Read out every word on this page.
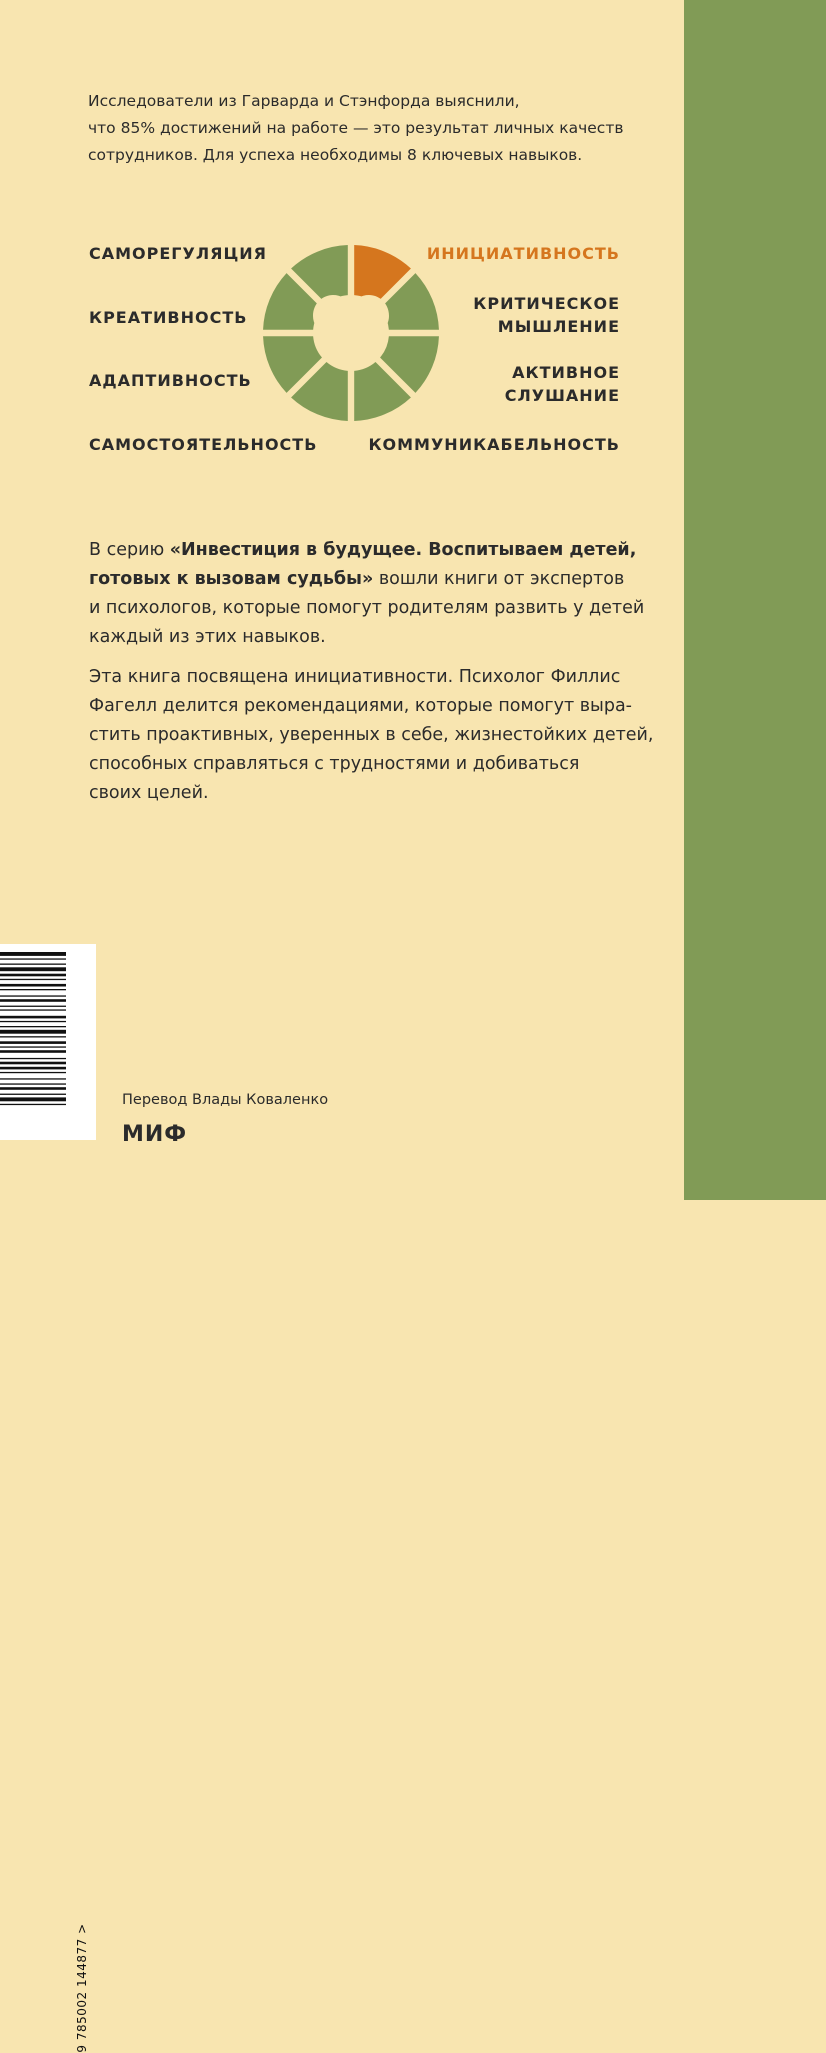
Исследователи из Гарварда и Стэнфорда выяснили,
что 85% достижений на работе — это результат личных качеств
сотрудников. Для успеха необходимы 8 ключевых навыков.

САМОРЕГУЛЯЦИЯ
КРЕАТИВНОСТЬ
АДАПТИВНОСТЬ
САМОСТОЯТЕЛЬНОСТЬ
ИНИЦИАТИВНОСТЬ
КРИТИЧЕСКОЕ
МЫШЛЕНИЕ
АКТИВНОЕ
СЛУШАНИЕ
КОММУНИКАБЕЛЬНОСТЬ

В серию «Инвестиция в будущее. Воспитываем детей,
готовых к вызовам судьбы» вошли книги от экспертов
и психологов, которые помогут родителям развить у детей
каждый из этих навыков.

Эта книга посвящена инициативности. Психолог Филлис
Фагелл делится рекомендациями, которые помогут выра-
стить проактивных, уверенных в себе, жизнестойких детей,
способных справляться с трудностями и добиваться
своих целей.

9 785002 144877 >

Перевод Влады Коваленко

МИФ
